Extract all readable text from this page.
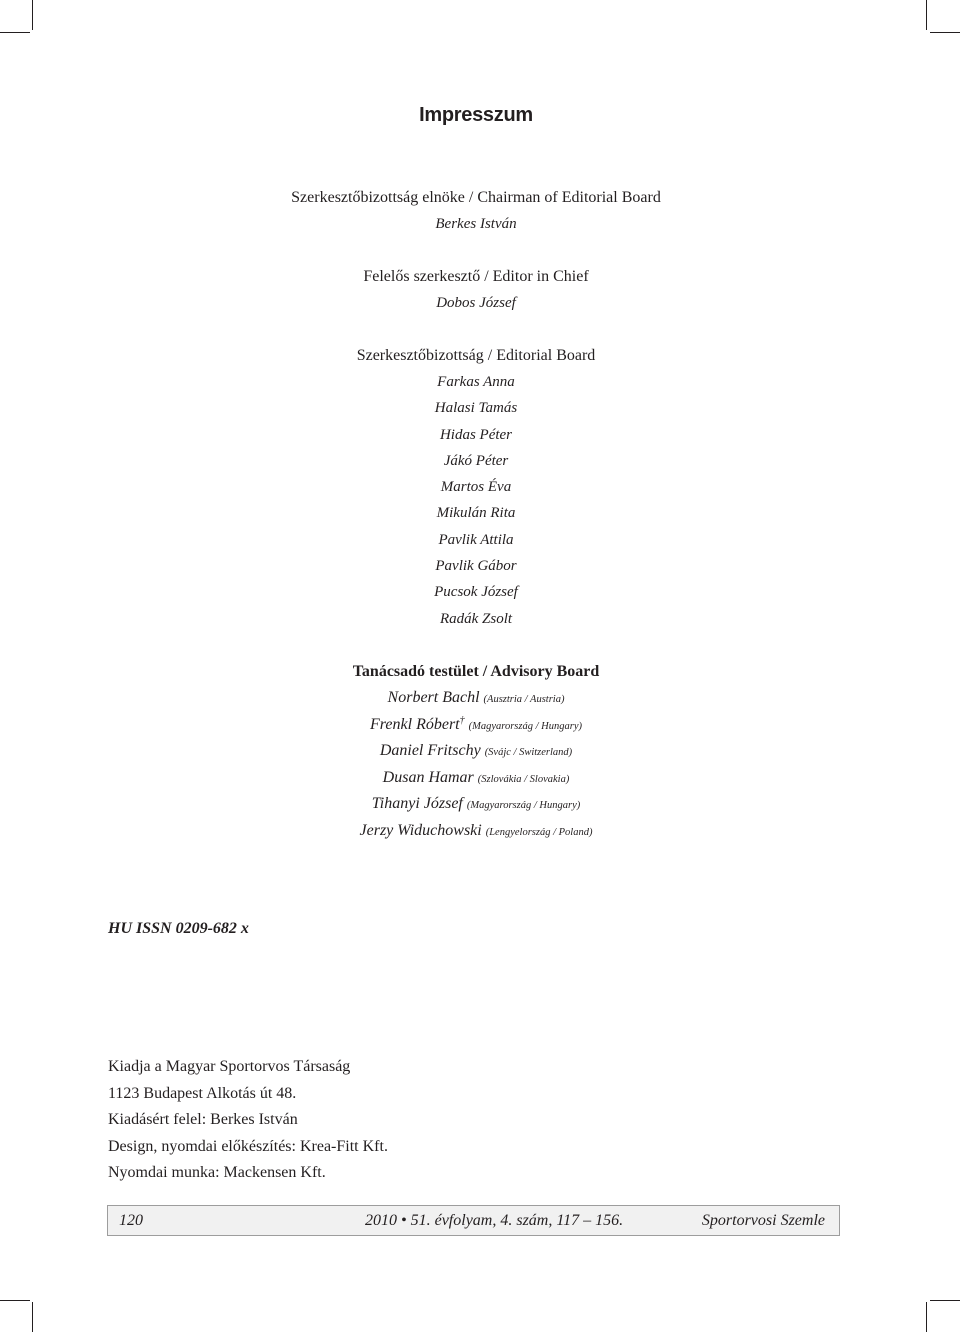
Impresszum
Szerkesztőbizottság elnöke / Chairman of Editorial Board
Berkes István
Felelős szerkesztő / Editor in Chief
Dobos József
Szerkesztőbizottság / Editorial Board
Farkas Anna
Halasi Tamás
Hidas Péter
Jákó Péter
Martos Éva
Mikulán Rita
Pavlik Attila
Pavlik Gábor
Pucsok József
Radák Zsolt
Tanácsadó testület / Advisory Board
Norbert Bachl (Ausztria / Austria)
Frenkl Róbert† (Magyarország / Hungary)
Daniel Fritschy (Svájc / Switzerland)
Dusan Hamar (Szlovákia / Slovakia)
Tihanyi József (Magyarország / Hungary)
Jerzy Widuchowski (Lengyelország / Poland)
HU ISSN 0209-682 x
Kiadja a Magyar Sportorvos Társaság
1123 Budapest Alkotás út 48.
Kiadásért felel: Berkes István
Design, nyomdai előkészítés: Krea-Fitt Kft.
Nyomdai munka: Mackensen Kft.
120	2010 • 51. évfolyam, 4. szám, 117 – 156.	Sportorvosi Szemle
